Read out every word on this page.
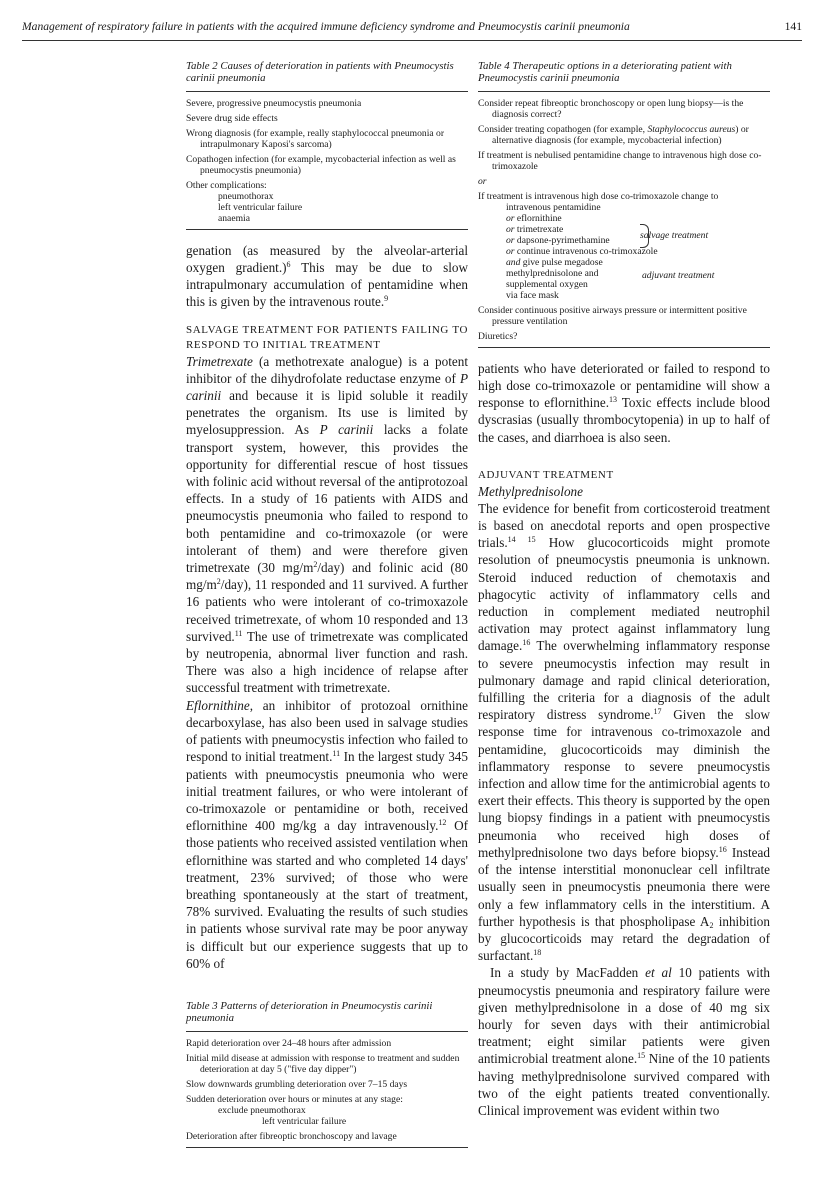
Management of respiratory failure in patients with the acquired immune deficiency syndrome and Pneumocystis carinii pneumonia	141
Table 2 Causes of deterioration in patients with Pneumocystis carinii pneumonia
Severe, progressive pneumocystis pneumonia
Severe drug side effects
Wrong diagnosis (for example, really staphylococcal pneumonia or intrapulmonary Kaposi's sarcoma)
Copathogen infection (for example, mycobacterial infection as well as pneumocystis pneumonia)
Other complications:
pneumothorax
left ventricular failure
anaemia

genation (as measured by the alveolar-arterial oxygen gradient.)$^6$ This may be due to slow intrapulmonary accumulation of pentamidine when this is given by the intravenous route.$^9$

SALVAGE TREATMENT FOR PATIENTS FAILING TO RESPOND TO INITIAL TREATMENT

Trimetrexate (a methotrexate analogue) is a potent inhibitor of the dihydrofolate reductase enzyme of P carinii and because it is lipid soluble it readily penetrates the organism. Its use is limited by myelosuppression. As P carinii lacks a folate transport system, however, this provides the opportunity for differential rescue of host tissues with folinic acid without reversal of the antiprotozoal effects. In a study of 16 patients with AIDS and pneumocystis pneumonia who failed to respond to both pentamidine and co-trimoxazole (or were intolerant of them) and were therefore given trimetrexate (30 $mg/m^2/day$) and folinic acid (80 $mg/m^2/day$), 11 responded and 11 survived. A further 16 patients who were intolerant of co-trimoxazole received trimetrexate, of whom 10 responded and 13 survived.$^{11}$ The use of trimetrexate was complicated by neutropenia, abnormal liver function and rash. There was also a high incidence of relapse after successful treatment with trimetrexate.

Eflornithine, an inhibitor of protozoal ornithine decarboxylase, has also been used in salvage studies of patients with pneumocystis infection who failed to respond to initial treatment.$^{11}$ In the largest study 345 patients with pneumocystis pneumonia who were initial treatment failures, or who were intolerant of co-trimoxazole or pentamidine or both, received eflornithine 400 mg/kg a day intravenously.$^{12}$ Of those patients who received assisted ventilation when eflornithine was started and who completed 14 days' treatment, 23% survived; of those who were breathing spontaneously at the start of treatment, 78% survived. Evaluating the results of such studies in patients whose survival rate may be poor anyway is difficult but our experience suggests that up to 60% of

Table 3 Patterns of deterioration in Pneumocystis carinii pneumonia
Rapid deterioration over 24–48 hours after admission
Initial mild disease at admission with response to treatment and sudden deterioration at day 5 ("five day dipper")
Slow downwards grumbling deterioration over 7–15 days
Sudden deterioration over hours or minutes at any stage:
exclude pneumothorax
left ventricular failure
Deterioration after fibreoptic bronchoscopy and lavage
Table 4 Therapeutic options in a deteriorating patient with Pneumocystis carinii pneumonia
Consider repeat fibreoptic bronchoscopy or open lung biopsy—is the diagnosis correct?
Consider treating copathogen (for example, Staphylococcus aureus) or alternative diagnosis (for example, mycobacterial infection)
If treatment is nebulised pentamidine change to intravenous high dose co-trimoxazole
or
If treatment is intravenous high dose co-trimoxazole change to
intravenous pentamidine
or eflornithine
or trimetrexate
or dapsone-pyrimethamine
or continue intravenous co-trimoxazole
and give pulse megadose
methylprednisolone and
supplemental oxygen
via face mask
salvage treatment
adjuvant treatment
Consider continuous positive airways pressure or intermittent positive pressure ventilation
Diuretics?

patients who have deteriorated or failed to respond to high dose co-trimoxazole or pentamidine will show a response to eflornithine.$^{13}$ Toxic effects include blood dyscrasias (usually thrombocytopenia) in up to half of the cases, and diarrhoea is also seen.

ADJUVANT TREATMENT
Methylprednisolone

The evidence for benefit from corticosteroid treatment is based on anecdotal reports and open prospective trials.$^{14 15}$ How glucocorticoids might promote resolution of pneumocystis pneumonia is unknown. Steroid induced reduction of chemotaxis and phagocytic activity of inflammatory cells and reduction in complement mediated neutrophil activation may protect against inflammatory lung damage.$^{16}$ The overwhelming inflammatory response to severe pneumocystis infection may result in pulmonary damage and rapid clinical deterioration, fulfilling the criteria for a diagnosis of the adult respiratory distress syndrome.$^{17}$ Given the slow response time for intravenous co-trimoxazole and pentamidine, glucocorticoids may diminish the inflammatory response to severe pneumocystis infection and allow time for the antimicrobial agents to exert their effects. This theory is supported by the open lung biopsy findings in a patient with pneumocystis pneumonia who received high doses of methylprednisolone two days before biopsy.$^{16}$ Instead of the intense interstitial mononuclear cell infiltrate usually seen in pneumocystis pneumonia there were only a few inflammatory cells in the interstitium. A further hypothesis is that phospholipase $A_2$ inhibition by glucocorticoids may retard the degradation of surfactant.$^{18}$

In a study by MacFadden et al 10 patients with pneumocystis pneumonia and respiratory failure were given methylprednisolone in a dose of 40 mg six hourly for seven days with their antimicrobial treatment; eight similar patients were given antimicrobial treatment alone.$^{15}$ Nine of the 10 patients having methylprednisolone survived compared with two of the eight patients treated conventionally. Clinical improvement was evident within two
